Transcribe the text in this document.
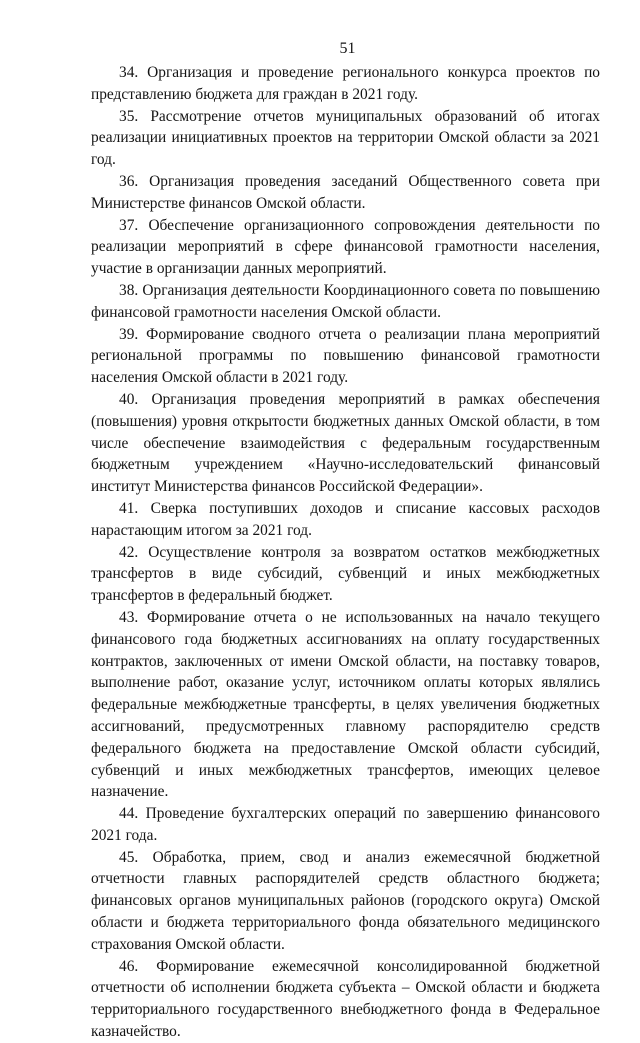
51

34. Организация и проведение регионального конкурса проектов по представлению бюджета для граждан в 2021 году.

35. Рассмотрение отчетов муниципальных образований об итогах реализации инициативных проектов на территории Омской области за 2021 год.

36. Организация проведения заседаний Общественного совета при Министерстве финансов Омской области.

37. Обеспечение организационного сопровождения деятельности по реализации мероприятий в сфере финансовой грамотности населения, участие в организации данных мероприятий.

38. Организация деятельности Координационного совета по повышению финансовой грамотности населения Омской области.

39. Формирование сводного отчета о реализации плана мероприятий региональной программы по повышению финансовой грамотности населения Омской области в 2021 году.

40. Организация проведения мероприятий в рамках обеспечения (повышения) уровня открытости бюджетных данных Омской области, в том числе обеспечение взаимодействия с федеральным государственным бюджетным учреждением «Научно-исследовательский финансовый институт Министерства финансов Российской Федерации».

41. Сверка поступивших доходов и списание кассовых расходов нарастающим итогом за 2021 год.

42. Осуществление контроля за возвратом остатков межбюджетных трансфертов в виде субсидий, субвенций и иных межбюджетных трансфертов в федеральный бюджет.

43. Формирование отчета о не использованных на начало текущего финансового года бюджетных ассигнованиях на оплату государственных контрактов, заключенных от имени Омской области, на поставку товаров, выполнение работ, оказание услуг, источником оплаты которых являлись федеральные межбюджетные трансферты, в целях увеличения бюджетных ассигнований, предусмотренных главному распорядителю средств федерального бюджета на предоставление Омской области субсидий, субвенций и иных межбюджетных трансфертов, имеющих целевое назначение.

44. Проведение бухгалтерских операций по завершению финансового 2021 года.

45. Обработка, прием, свод и анализ ежемесячной бюджетной отчетности главных распорядителей средств областного бюджета; финансовых органов муниципальных районов (городского округа) Омской области и бюджета территориального фонда обязательного медицинского страхования Омской области.

46. Формирование ежемесячной консолидированной бюджетной отчетности об исполнении бюджета субъекта – Омской области и бюджета территориального государственного внебюджетного фонда в Федеральное казначейство.
